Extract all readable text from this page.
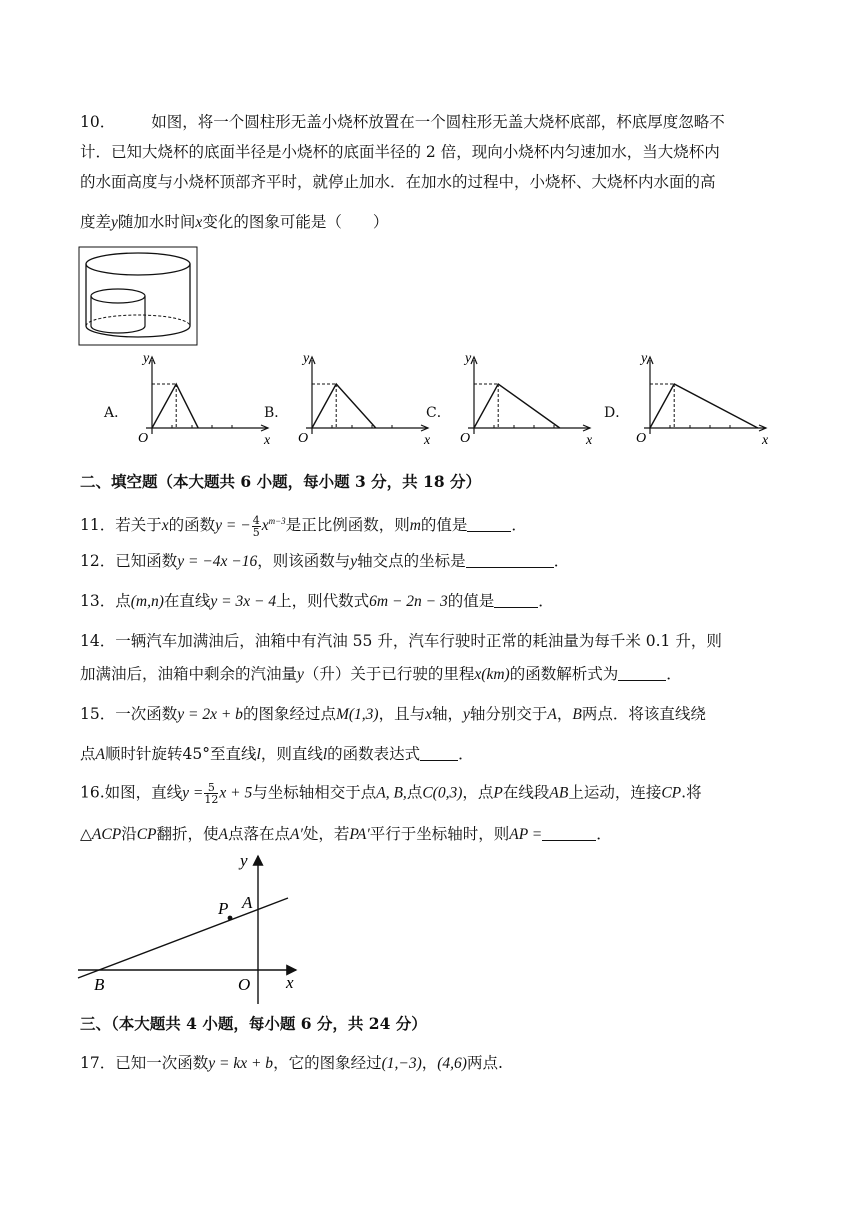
10． 如图，将一个圆柱形无盖小烧杯放置在一个圆柱形无盖大烧杯底部，杯底厚度忽略不
计．已知大烧杯的底面半径是小烧杯的底面半径的 2 倍，现向小烧杯内匀速加水，当大烧杯内
的水面高度与小烧杯顶部齐平时，就停止加水．在加水的过程中，小烧杯、大烧杯内水面的高
度差y随加水时间x变化的图象可能是（　　）
A．
y
x
O
B．
y
x
O
C．
y
x
O
D．
y
x
O
二、填空题（本大题共 6 小题，每小题 3 分，共 18 分）
11．若关于x的函数y = − $\frac{4}{5} x^{m-3}$是正比例函数，则m的值是	．
12．已知函数y = −4x −16，则该函数与y轴交点的坐标是	．
13．点(m,n)在直线y = 3x − 4上，则代数式6m − 2n − 3的值是	．
14．一辆汽车加满油后，油箱中有汽油 55 升，汽车行驶时正常的耗油量为每千米 0.1 升，则
加满油后，油箱中剩余的汽油量y（升）关于已行驶的里程x(km)的函数解析式为	．
15．一次函数y = 2x + b的图象经过点M(1,3)，且与x轴，y轴分别交于A，B两点．将该直线绕
点A顺时针旋转45°至直线l，则直线l的函数表达式 ．
16.如图，直线$y = \frac{5}{12}$ x + 5与坐标轴相交于点A, B,点C(0,3)，点P在线段AB上运动，连接CP.将
△ACP沿CP翻折，使A点落在点A′处，若PA′平行于坐标轴时，则AP =	．
y
x
A
B	O
P
三、（本大题共 4 小题，每小题 6 分，共 24 分）
17．已知一次函数y = kx + b，它的图象经过(1,−3)，(4,6)两点.
